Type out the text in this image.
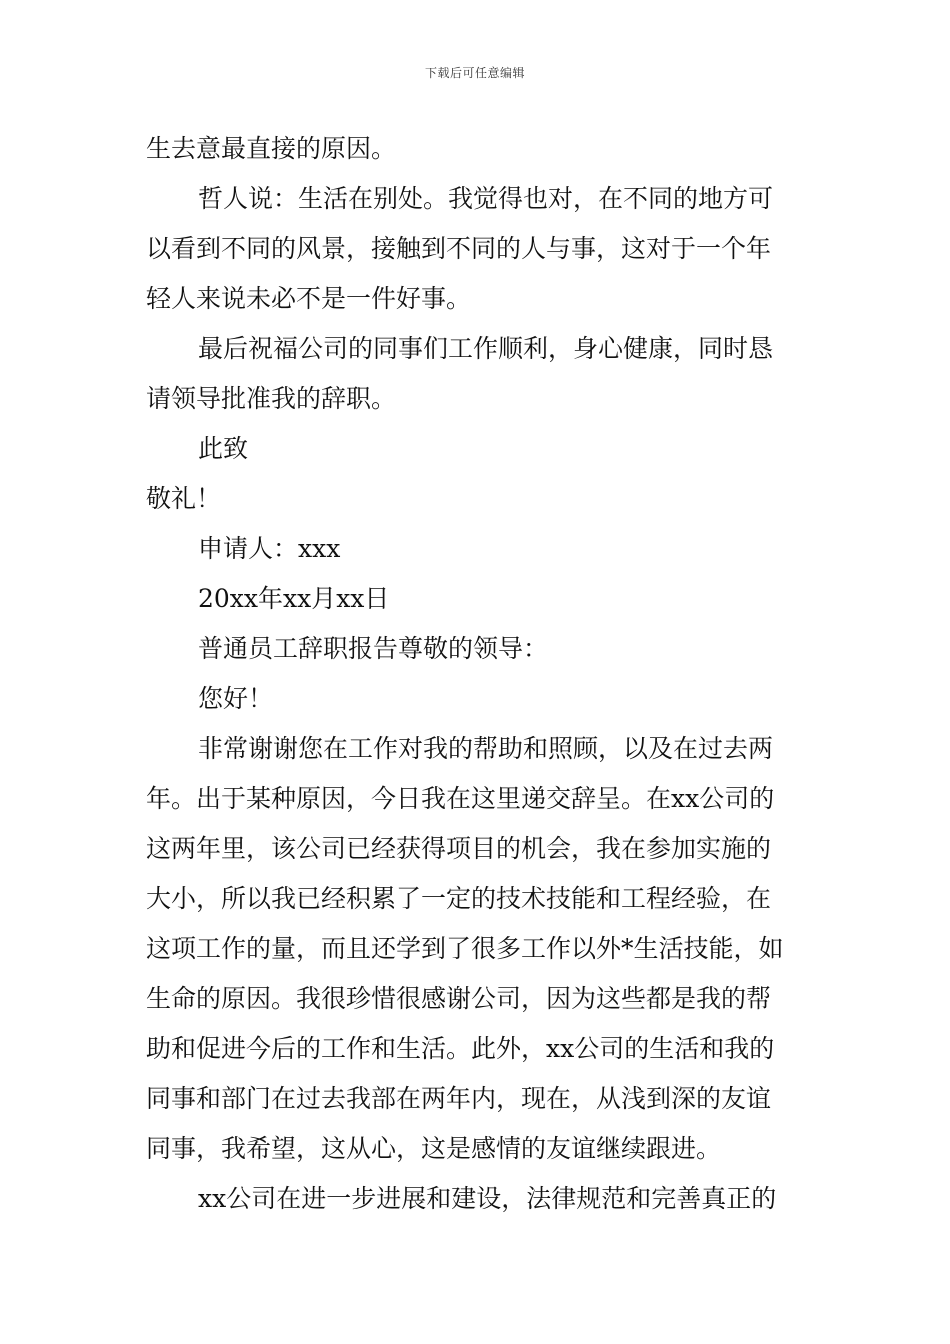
下载后可任意编辑
生去意最直接的原因。
哲人说：生活在别处。我觉得也对，在不同的地方可
以看到不同的风景，接触到不同的人与事，这对于一个年
轻人来说未必不是一件好事。
最后祝福公司的同事们工作顺利，身心健康，同时恳
请领导批准我的辞职。
此致
敬礼！
申请人：xxx
20xx年xx月xx日
普通员工辞职报告尊敬的领导：
您好！
非常谢谢您在工作对我的帮助和照顾，以及在过去两
年。出于某种原因，今日我在这里递交辞呈。在xx公司的
这两年里，该公司已经获得项目的机会，我在参加实施的
大小，所以我已经积累了一定的技术技能和工程经验，在
这项工作的量，而且还学到了很多工作以外*生活技能，如
生命的原因。我很珍惜很感谢公司，因为这些都是我的帮
助和促进今后的工作和生活。此外，xx公司的生活和我的
同事和部门在过去我部在两年内，现在，从浅到深的友谊
同事，我希望，这从心，这是感情的友谊继续跟进。
xx公司在进一步进展和建设，法律规范和完善真正的
